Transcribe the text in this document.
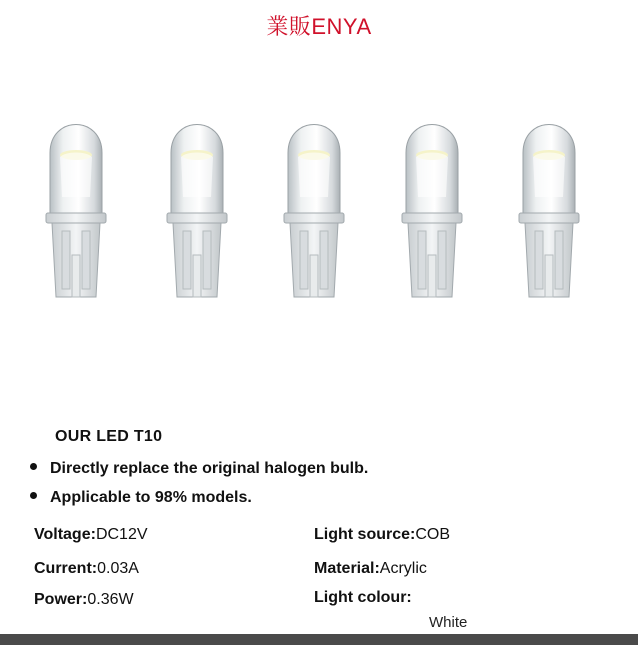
業販ENYA
OUR LED T10
Directly replace the original halogen bulb.
Applicable to 98% models.
Voltage:DC12V
Current:0.03A
Power:0.36W
Light source:COB
Material:Acrylic
Light colour:
White
